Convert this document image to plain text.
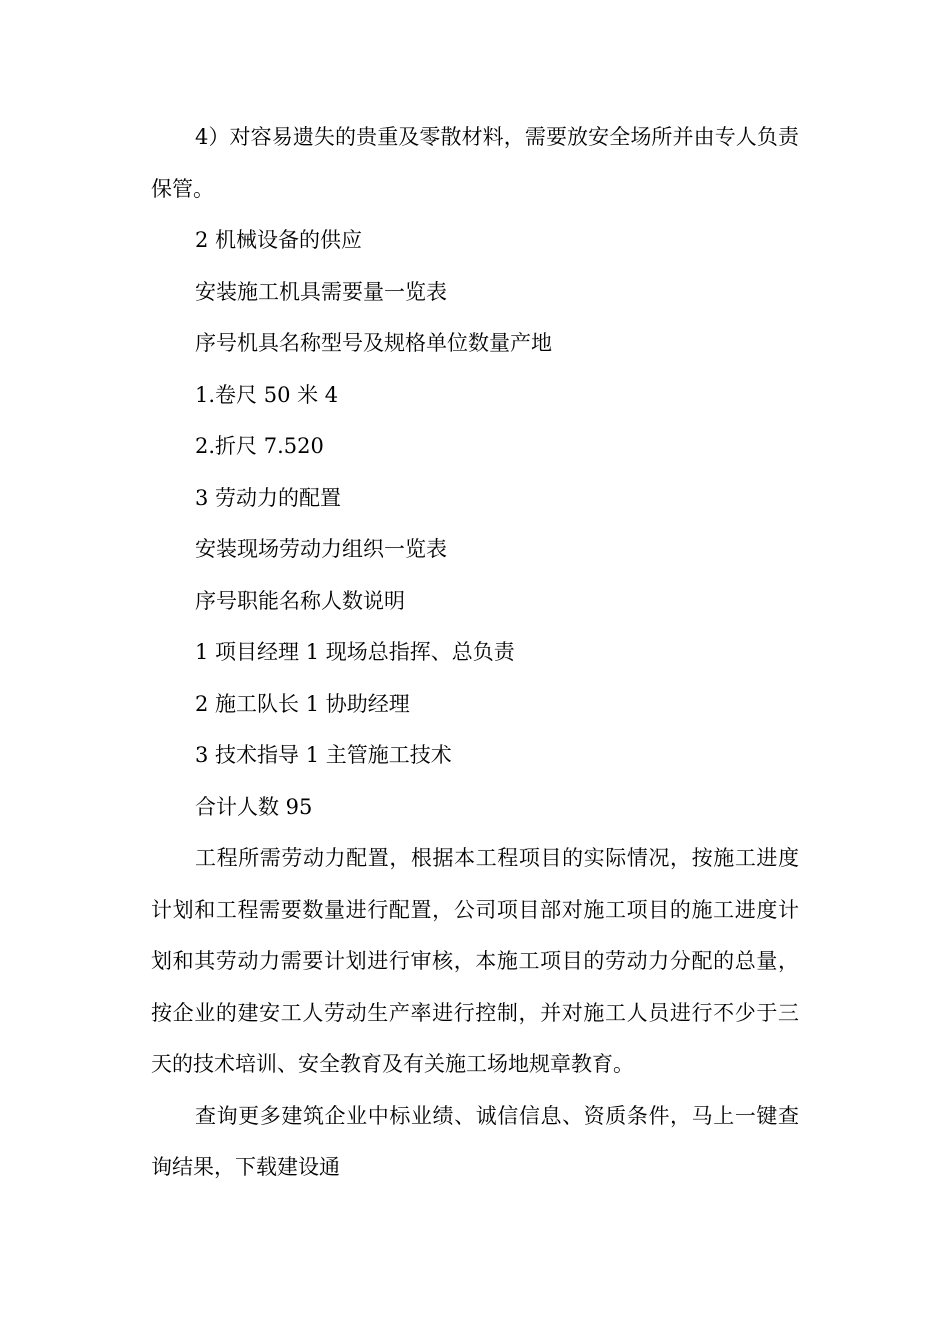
4）对容易遗失的贵重及零散材料，需要放安全场所并由专人负责保管。

2 机械设备的供应

安装施工机具需要量一览表

序号机具名称型号及规格单位数量产地

1.卷尺 50 米 4

2.折尺 7.520

3 劳动力的配置

安装现场劳动力组织一览表

序号职能名称人数说明

1 项目经理 1 现场总指挥、总负责

2 施工队长 1 协助经理

3 技术指导 1 主管施工技术

合计人数 95

工程所需劳动力配置，根据本工程项目的实际情况，按施工进度计划和工程需要数量进行配置，公司项目部对施工项目的施工进度计划和其劳动力需要计划进行审核，本施工项目的劳动力分配的总量，按企业的建安工人劳动生产率进行控制，并对施工人员进行不少于三天的技术培训、安全教育及有关施工场地规章教育。

查询更多建筑企业中标业绩、诚信信息、资质条件，马上一键查询结果，下载建设通
